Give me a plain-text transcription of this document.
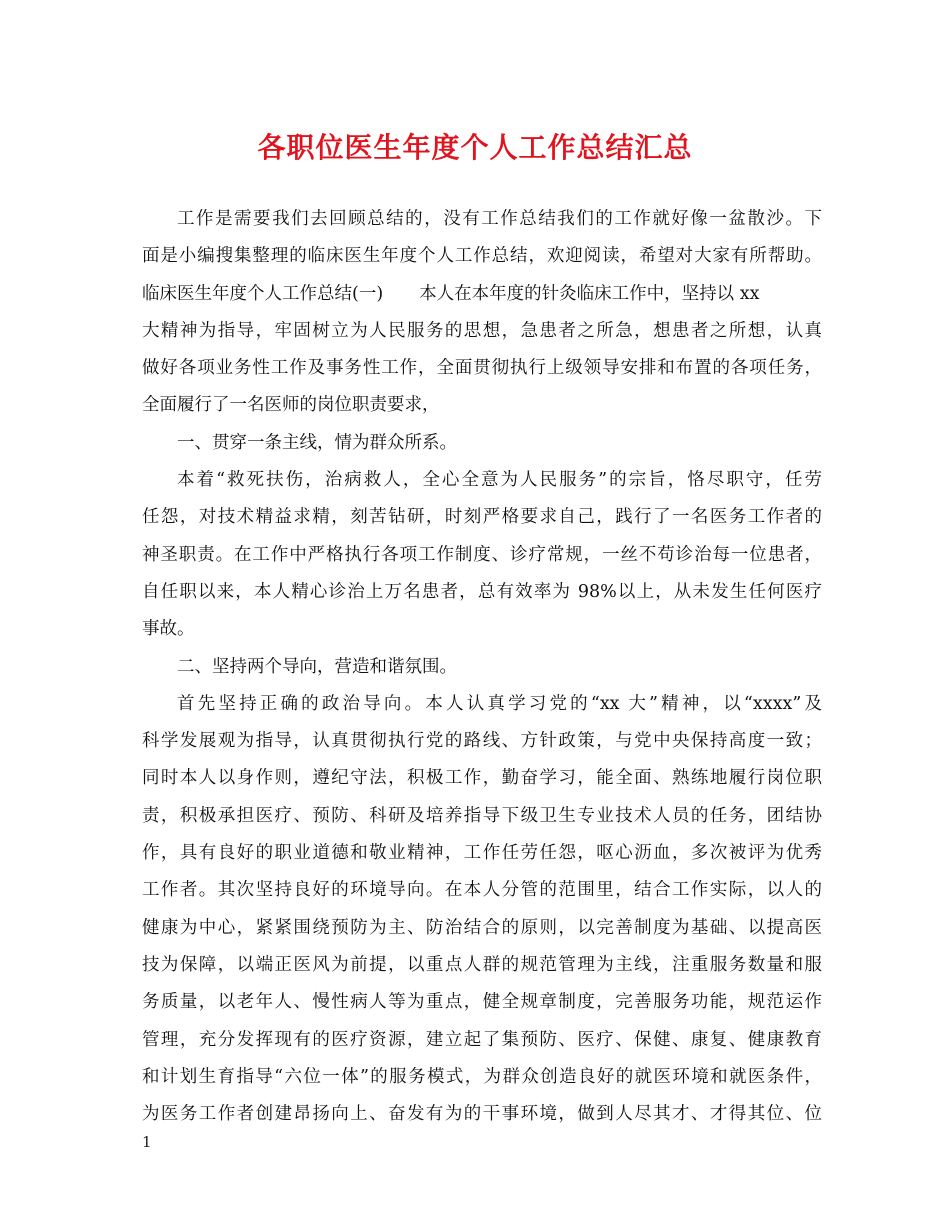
各职位医生年度个人工作总结汇总
工作是需要我们去回顾总结的，没有工作总结我们的工作就好像一盆散沙。下
面是小编搜集整理的临床医生年度个人工作总结，欢迎阅读，希望对大家有所帮助。
临床医生年度个人工作总结(一) 本人在本年度的针灸临床工作中，坚持以 xx
大精神为指导，牢固树立为人民服务的思想，急患者之所急，想患者之所想，认真
做好各项业务性工作及事务性工作，全面贯彻执行上级领导安排和布置的各项任务，
全面履行了一名医师的岗位职责要求，
一、贯穿一条主线，情为群众所系。
本着“救死扶伤，治病救人，全心全意为人民服务”的宗旨，恪尽职守，任劳
任怨，对技术精益求精，刻苦钻研，时刻严格要求自己，践行了一名医务工作者的
神圣职责。在工作中严格执行各项工作制度、诊疗常规，一丝不苟诊治每一位患者，
自任职以来，本人精心诊治上万名患者，总有效率为 98%以上，从未发生任何医疗
事故。
二、坚持两个导向，营造和谐氛围。
首先坚持正确的政治导向。本人认真学习党的“xx 大”精神，以“xxxx”及
科学发展观为指导，认真贯彻执行党的路线、方针政策，与党中央保持高度一致；
同时本人以身作则，遵纪守法，积极工作，勤奋学习，能全面、熟练地履行岗位职
责，积极承担医疗、预防、科研及培养指导下级卫生专业技术人员的任务，团结协
作，具有良好的职业道德和敬业精神，工作任劳任怨，呕心沥血，多次被评为优秀
工作者。其次坚持良好的环境导向。在本人分管的范围里，结合工作实际，以人的
健康为中心，紧紧围绕预防为主、防治结合的原则，以完善制度为基础、以提高医
技为保障，以端正医风为前提，以重点人群的规范管理为主线，注重服务数量和服
务质量，以老年人、慢性病人等为重点，健全规章制度，完善服务功能，规范运作
管理，充分发挥现有的医疗资源，建立起了集预防、医疗、保健、康复、健康教育
和计划生育指导“六位一体”的服务模式，为群众创造良好的就医环境和就医条件，
为医务工作者创建昂扬向上、奋发有为的干事环境，做到人尽其才、才得其位、位
1
